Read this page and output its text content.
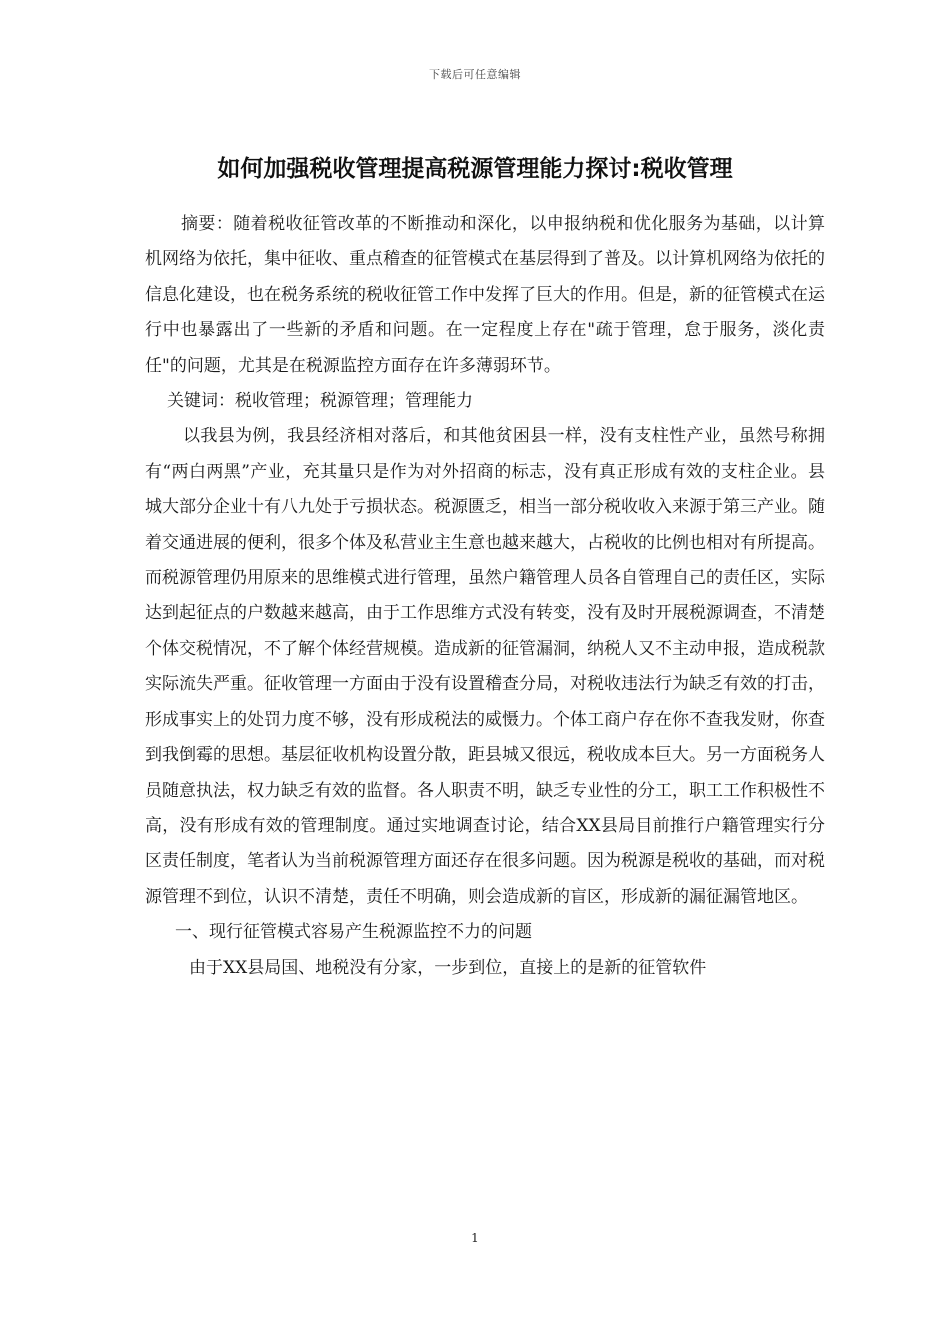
下载后可任意编辑
如何加强税收管理提高税源管理能力探讨:税收管理

摘要：随着税收征管改革的不断推动和深化，以申报纳税和优化服务为基础，以计算机网络为依托，集中征收、重点稽查的征管模式在基层得到了普及。以计算机网络为依托的信息化建设，也在税务系统的税收征管工作中发挥了巨大的作用。但是，新的征管模式在运行中也暴露出了一些新的矛盾和问题。在一定程度上存在"疏于管理，怠于服务，淡化责任"的问题，尤其是在税源监控方面存在许多薄弱环节。

关键词：税收管理；税源管理；管理能力

以我县为例，我县经济相对落后，和其他贫困县一样，没有支柱性产业，虽然号称拥有“两白两黑”产业，充其量只是作为对外招商的标志，没有真正形成有效的支柱企业。县城大部分企业十有八九处于亏损状态。税源匮乏，相当一部分税收收入来源于第三产业。随着交通进展的便利，很多个体及私营业主生意也越来越大，占税收的比例也相对有所提高。而税源管理仍用原来的思维模式进行管理，虽然户籍管理人员各自管理自己的责任区，实际达到起征点的户数越来越高，由于工作思维方式没有转变，没有及时开展税源调查，不清楚个体交税情况，不了解个体经营规模。造成新的征管漏洞，纳税人又不主动申报，造成税款实际流失严重。征收管理一方面由于没有设置稽查分局，对税收违法行为缺乏有效的打击，形成事实上的处罚力度不够，没有形成税法的威慑力。个体工商户存在你不查我发财，你查到我倒霉的思想。基层征收机构设置分散，距县城又很远，税收成本巨大。另一方面税务人员随意执法，权力缺乏有效的监督。各人职责不明，缺乏专业性的分工，职工工作积极性不高，没有形成有效的管理制度。通过实地调查讨论，结合XX县局目前推行户籍管理实行分区责任制度，笔者认为当前税源管理方面还存在很多问题。因为税源是税收的基础，而对税源管理不到位，认识不清楚，责任不明确，则会造成新的盲区，形成新的漏征漏管地区。

一、现行征管模式容易产生税源监控不力的问题

由于XX县局国、地税没有分家，一步到位，直接上的是新的征管软件

1
